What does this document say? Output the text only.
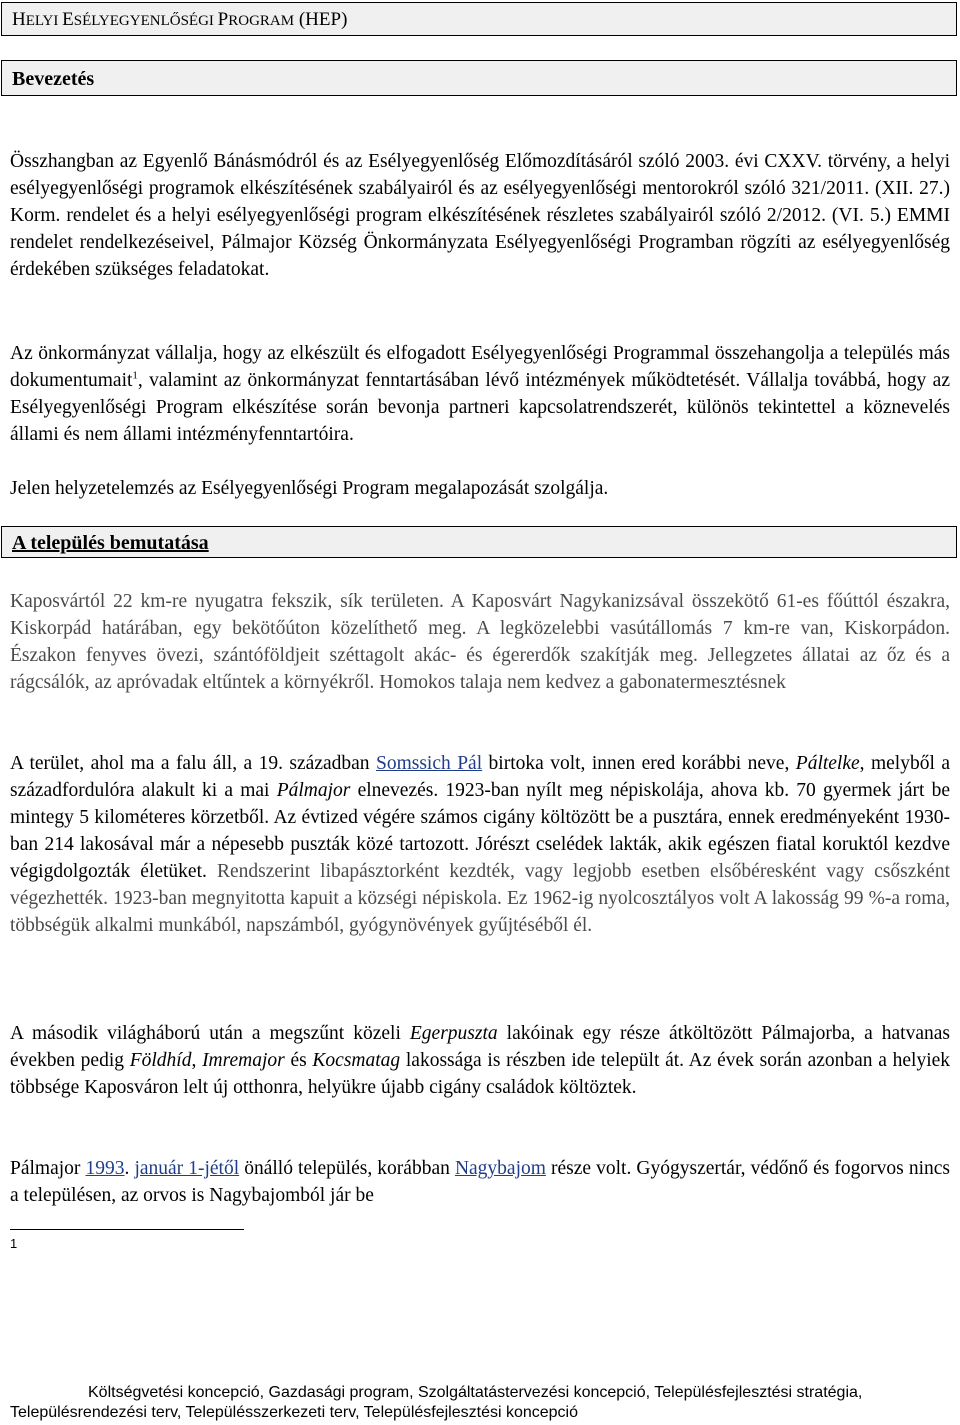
HELYI ESÉLYEGYENLŐSÉGI PROGRAM (HEP)
Bevezetés

Összhangban az Egyenlő Bánásmódról és az Esélyegyenlőség Előmozdításáról szóló 2003. évi CXXV. törvény, a helyi esélyegyenlőségi programok elkészítésének szabályairól és az esélyegyenlőségi mentorokról szóló 321/2011. (XII. 27.) Korm. rendelet és a helyi esélyegyenlőségi program elkészítésének részletes szabályairól szóló 2/2012. (VI. 5.) EMMI rendelet rendelkezéseivel, Pálmajor Község Önkormányzata Esélyegyenlőségi Programban rögzíti az esélyegyenlőség érdekében szükséges feladatokat.

Az önkormányzat vállalja, hogy az elkészült és elfogadott Esélyegyenlőségi Programmal összehangolja a település más dokumentumait$^1$, valamint az önkormányzat fenntartásában lévő intézmények működtetését. Vállalja továbbá, hogy az Esélyegyenlőségi Program elkészítése során bevonja partneri kapcsolatrendszerét, különös tekintettel a köznevelés állami és nem állami intézményfenntartóira.

Jelen helyzetelemzés az Esélyegyenlőségi Program megalapozását szolgálja.

A település bemutatása

Kaposvártól 22 km-re nyugatra fekszik, sík területen. A Kaposvárt Nagykanizsával összekötő 61-es főúttól északra, Kiskorpád határában, egy bekötőúton közelíthető meg. A legközelebbi vasútállomás 7 km-re van, Kiskorpádon. Északon fenyves övezi, szántóföldjeit széttagolt akác- és égererdők szakítják meg. Jellegzetes állatai az őz és a rágcsálók, az apróvadak eltűntek a környékről. Homokos talaja nem kedvez a gabonatermesztésnek

A terület, ahol ma a falu áll, a 19. században Somssich Pál birtoka volt, innen ered korábbi neve, Páltelke, melyből a századfordulóra alakult ki a mai Pálmajor elnevezés. 1923-ban nyílt meg népiskolája, ahova kb. 70 gyermek járt be mintegy 5 kilométeres körzetből. Az évtized végére számos cigány költözött be a pusztára, ennek eredményeként 1930-ban 214 lakosával már a népesebb puszták közé tartozott. Jórészt cselédek lakták, akik egészen fiatal koruktól kezdve végigdolgozták életüket. Rendszerint libapásztorként kezdték, vagy legjobb esetben elsőbéresként vagy csőszként végezhették. 1923-ban megnyitotta kapuit a községi népiskola. Ez 1962-ig nyolcosztályos volt A lakosság 99 %-a roma, többségük alkalmi munkából, napszámból, gyógynövények gyűjtéséből él.

A második világháború után a megszűnt közeli Egerpuszta lakóinak egy része átköltözött Pálmajorba, a hatvanas években pedig Földhíd, Imremajor és Kocsmatag lakossága is részben ide települt át. Az évek során azonban a helyiek többsége Kaposváron lelt új otthonra, helyükre újabb cigány családok költöztek.

Pálmajor 1993. január 1-jétől önálló település, korábban Nagybajom része volt. Gyógyszertár, védőnő és fogorvos nincs a településen, az orvos is Nagybajomból jár be

1
Költségvetési koncepció, Gazdasági program, Szolgáltatástervezési koncepció, Településfejlesztési stratégia,
Településrendezési terv, Településszerkezeti terv, Településfejlesztési koncepció
